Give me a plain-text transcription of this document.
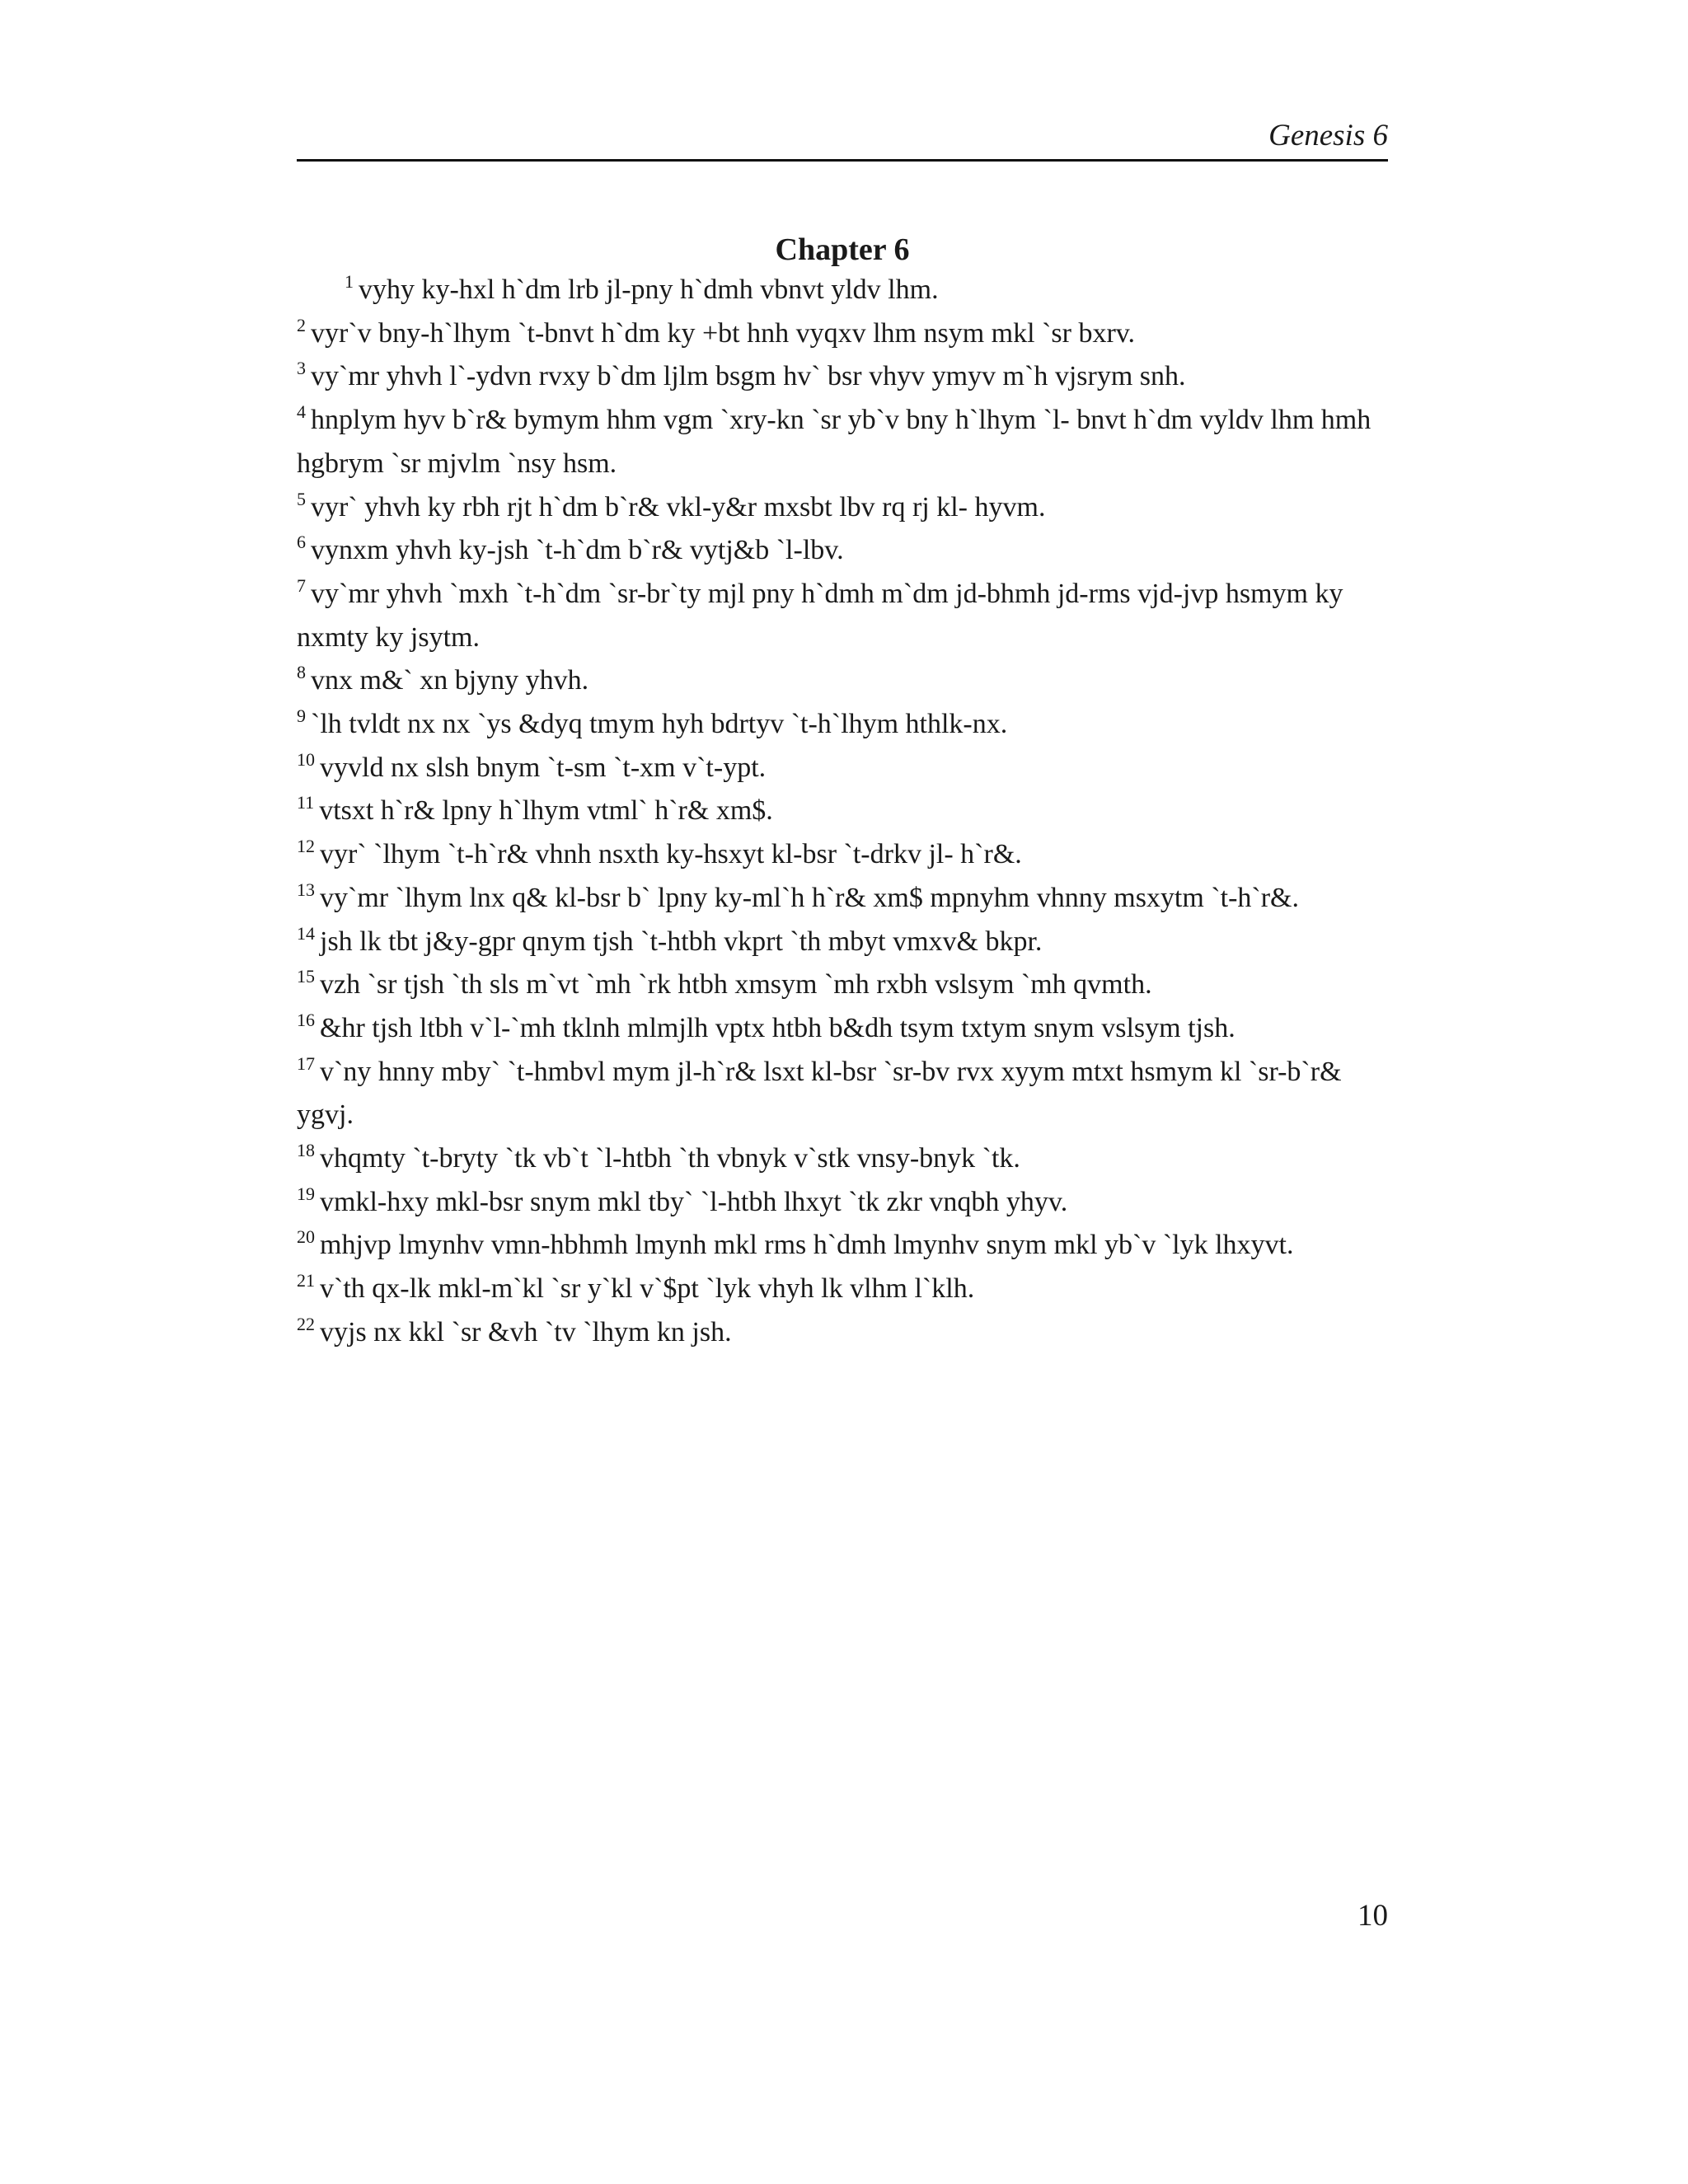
Genesis 6
Chapter 6

$^1$ vyhy ky-hxl h`dm lrb jl-pny h`dmh vbnvt yldv lhm.

$^2$ vyr`v bny-h`lhym `t-bnvt h`dm ky +bt hnh vyqxv lhm nsym mkl `sr bxrv.

$^3$ vy`mr yhvh l`-ydvn rvxy b`dm ljlm bsgm hv` bsr vhyv ymyv m`h vjsrym snh.

$^4$ hnplym hyv b`r& bymym hhm vgm `xry-kn `sr yb`v bny h`lhym `l- bnvt h`dm vyldv lhm hmh hgbrym `sr mjvlm `nsy hsm.

$^5$ vyr` yhvh ky rbh rjt h`dm b`r& vkl-y&r mxsbt lbv rq rj kl- hyvm.

$^6$ vynxm yhvh ky-jsh `t-h`dm b`r& vytj&b `l-lbv.

$^7$ vy`mr yhvh `mxh `t-h`dm `sr-br`ty mjl pny h`dmh m`dm jd-bhmh jd-rms vjd-jvp hsmym ky nxmty ky jsytm.

$^8$ vnx m&` xn bjyny yhvh.

$^9$ `lh tvldt nx nx `ys &dyq tmym hyh bdrtyv `t-h`lhym hthlk-nx.

$^{10}$ vyvld nx slsh bnym `t-sm `t-xm v`t-ypt.

$^{11}$ vtsxt h`r& lpny h`lhym vtml` h`r& xm$.

$^{12}$ vyr` `lhym `t-h`r& vhnh nsxth ky-hsxyt kl-bsr `t-drkv jl- h`r&.

$^{13}$ vy`mr `lhym lnx q& kl-bsr b` lpny ky-ml`h h`r& xm$ mpnyhm vhnny msxytm `t-h`r&.

$^{14}$ jsh lk tbt j&y-gpr qnym tjsh `t-htbh vkprt `th mbyt vmxv& bkpr.

$^{15}$ vzh `sr tjsh `th sls m`vt `mh `rk htbh xmsym `mh rxbh vslsym `mh qvmth.

$^{16}$ &hr tjsh ltbh v`l-`mh tklnh mlmjlh vptx htbh b&dh tsym txtym snym vslsym tjsh.

$^{17}$ v`ny hnny mby` `t-hmbvl mym jl-h`r& lsxt kl-bsr `sr-bv rvx xyym mtxt hsmym kl `sr-b`r& ygvj.

$^{18}$ vhqmty `t-bryty `tk vb`t `l-htbh `th vbnyk v`stk vnsy-bnyk `tk.

$^{19}$ vmkl-hxy mkl-bsr snym mkl tby` `l-htbh lhxyt `tk zkr vnqbh yhyv.

$^{20}$ mhjvp lmynhv vmn-hbhmh lmynh mkl rms h`dmh lmynhv snym mkl yb`v `lyk lhxyvt.

$^{21}$ v`th qx-lk mkl-m`kl `sr y`kl v`$pt `lyk vhyh lk vlhm l`klh.

$^{22}$ vyjs nx kkl `sr &vh `tv `lhym kn jsh.

10
